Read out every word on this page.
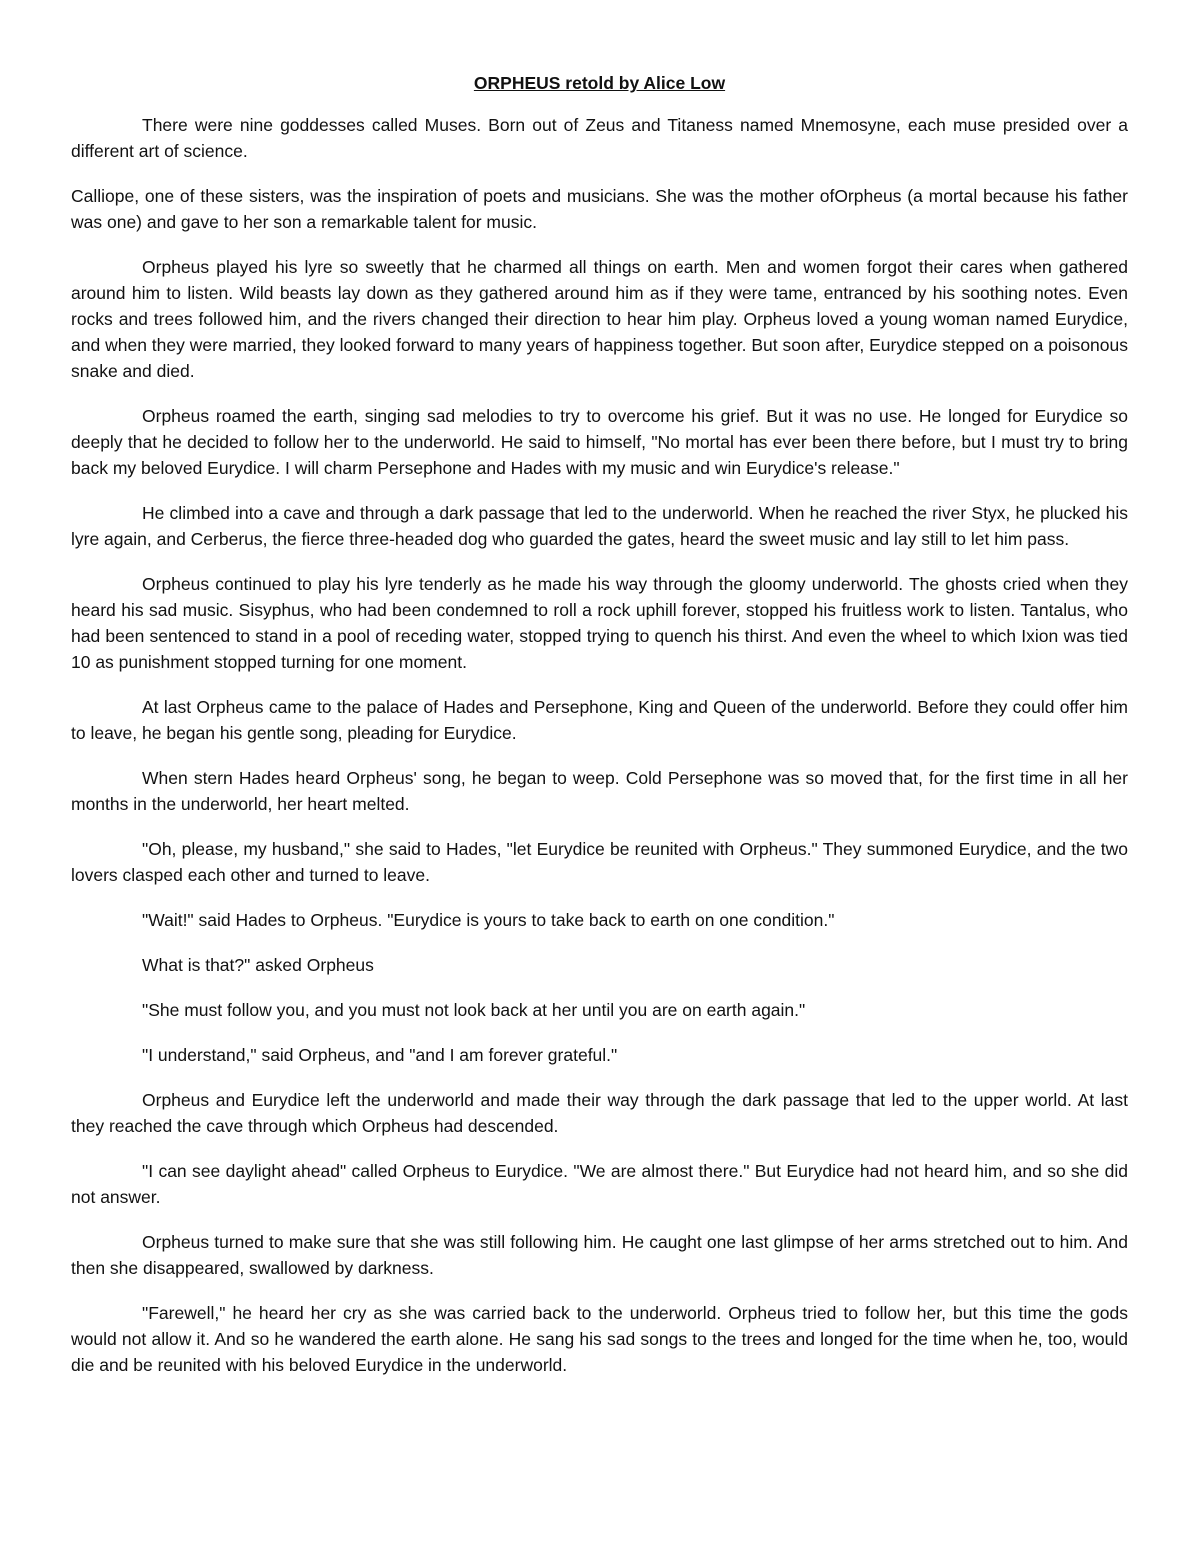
ORPHEUS retold by Alice Low

There were nine goddesses called Muses. Born out of Zeus and Titaness named Mnemosyne, each muse presided over a different art of science.

Calliope, one of these sisters, was the inspiration of poets and musicians. She was the mother ofOrpheus (a mortal because his father was one) and gave to her son a remarkable talent for music.

Orpheus played his lyre so sweetly that he charmed all things on earth. Men and women forgot their cares when gathered around him to listen. Wild beasts lay down as they gathered around him as if they were tame, entranced by his soothing notes. Even rocks and trees followed him, and the rivers changed their direction to hear him play. Orpheus loved a young woman named Eurydice, and when they were married, they looked forward to many years of happiness together. But soon after, Eurydice stepped on a poisonous snake and died.

Orpheus roamed the earth, singing sad melodies to try to overcome his grief. But it was no use. He longed for Eurydice so deeply that he decided to follow her to the underworld. He said to himself, "No mortal has ever been there before, but I must try to bring back my beloved Eurydice. I will charm Persephone and Hades with my music and win Eurydice's release."

He climbed into a cave and through a dark passage that led to the underworld. When he reached the river Styx, he plucked his lyre again, and Cerberus, the fierce three-headed dog who guarded the gates, heard the sweet music and lay still to let him pass.

Orpheus continued to play his lyre tenderly as he made his way through the gloomy underworld. The ghosts cried when they heard his sad music. Sisyphus, who had been condemned to roll a rock uphill forever, stopped his fruitless work to listen. Tantalus, who had been sentenced to stand in a pool of receding water, stopped trying to quench his thirst. And even the wheel to which Ixion was tied 10 as punishment stopped turning for one moment.

At last Orpheus came to the palace of Hades and Persephone, King and Queen of the underworld. Before they could offer him to leave, he began his gentle song, pleading for Eurydice.

When stern Hades heard Orpheus' song, he began to weep. Cold Persephone was so moved that, for the first time in all her months in the underworld, her heart melted.

"Oh, please, my husband," she said to Hades, "let Eurydice be reunited with Orpheus." They summoned Eurydice, and the two lovers clasped each other and turned to leave.

"Wait!" said Hades to Orpheus. "Eurydice is yours to take back to earth on one condition."

What is that?" asked Orpheus

"She must follow you, and you must not look back at her until you are on earth again."

"I understand," said Orpheus, and "and I am forever grateful."

Orpheus and Eurydice left the underworld and made their way through the dark passage that led to the upper world. At last they reached the cave through which Orpheus had descended.

"I can see daylight ahead" called Orpheus to Eurydice. "We are almost there." But Eurydice had not heard him, and so she did not answer.

Orpheus turned to make sure that she was still following him. He caught one last glimpse of her arms stretched out to him. And then she disappeared, swallowed by darkness.

"Farewell," he heard her cry as she was carried back to the underworld. Orpheus tried to follow her, but this time the gods would not allow it. And so he wandered the earth alone. He sang his sad songs to the trees and longed for the time when he, too, would die and be reunited with his beloved Eurydice in the underworld.
